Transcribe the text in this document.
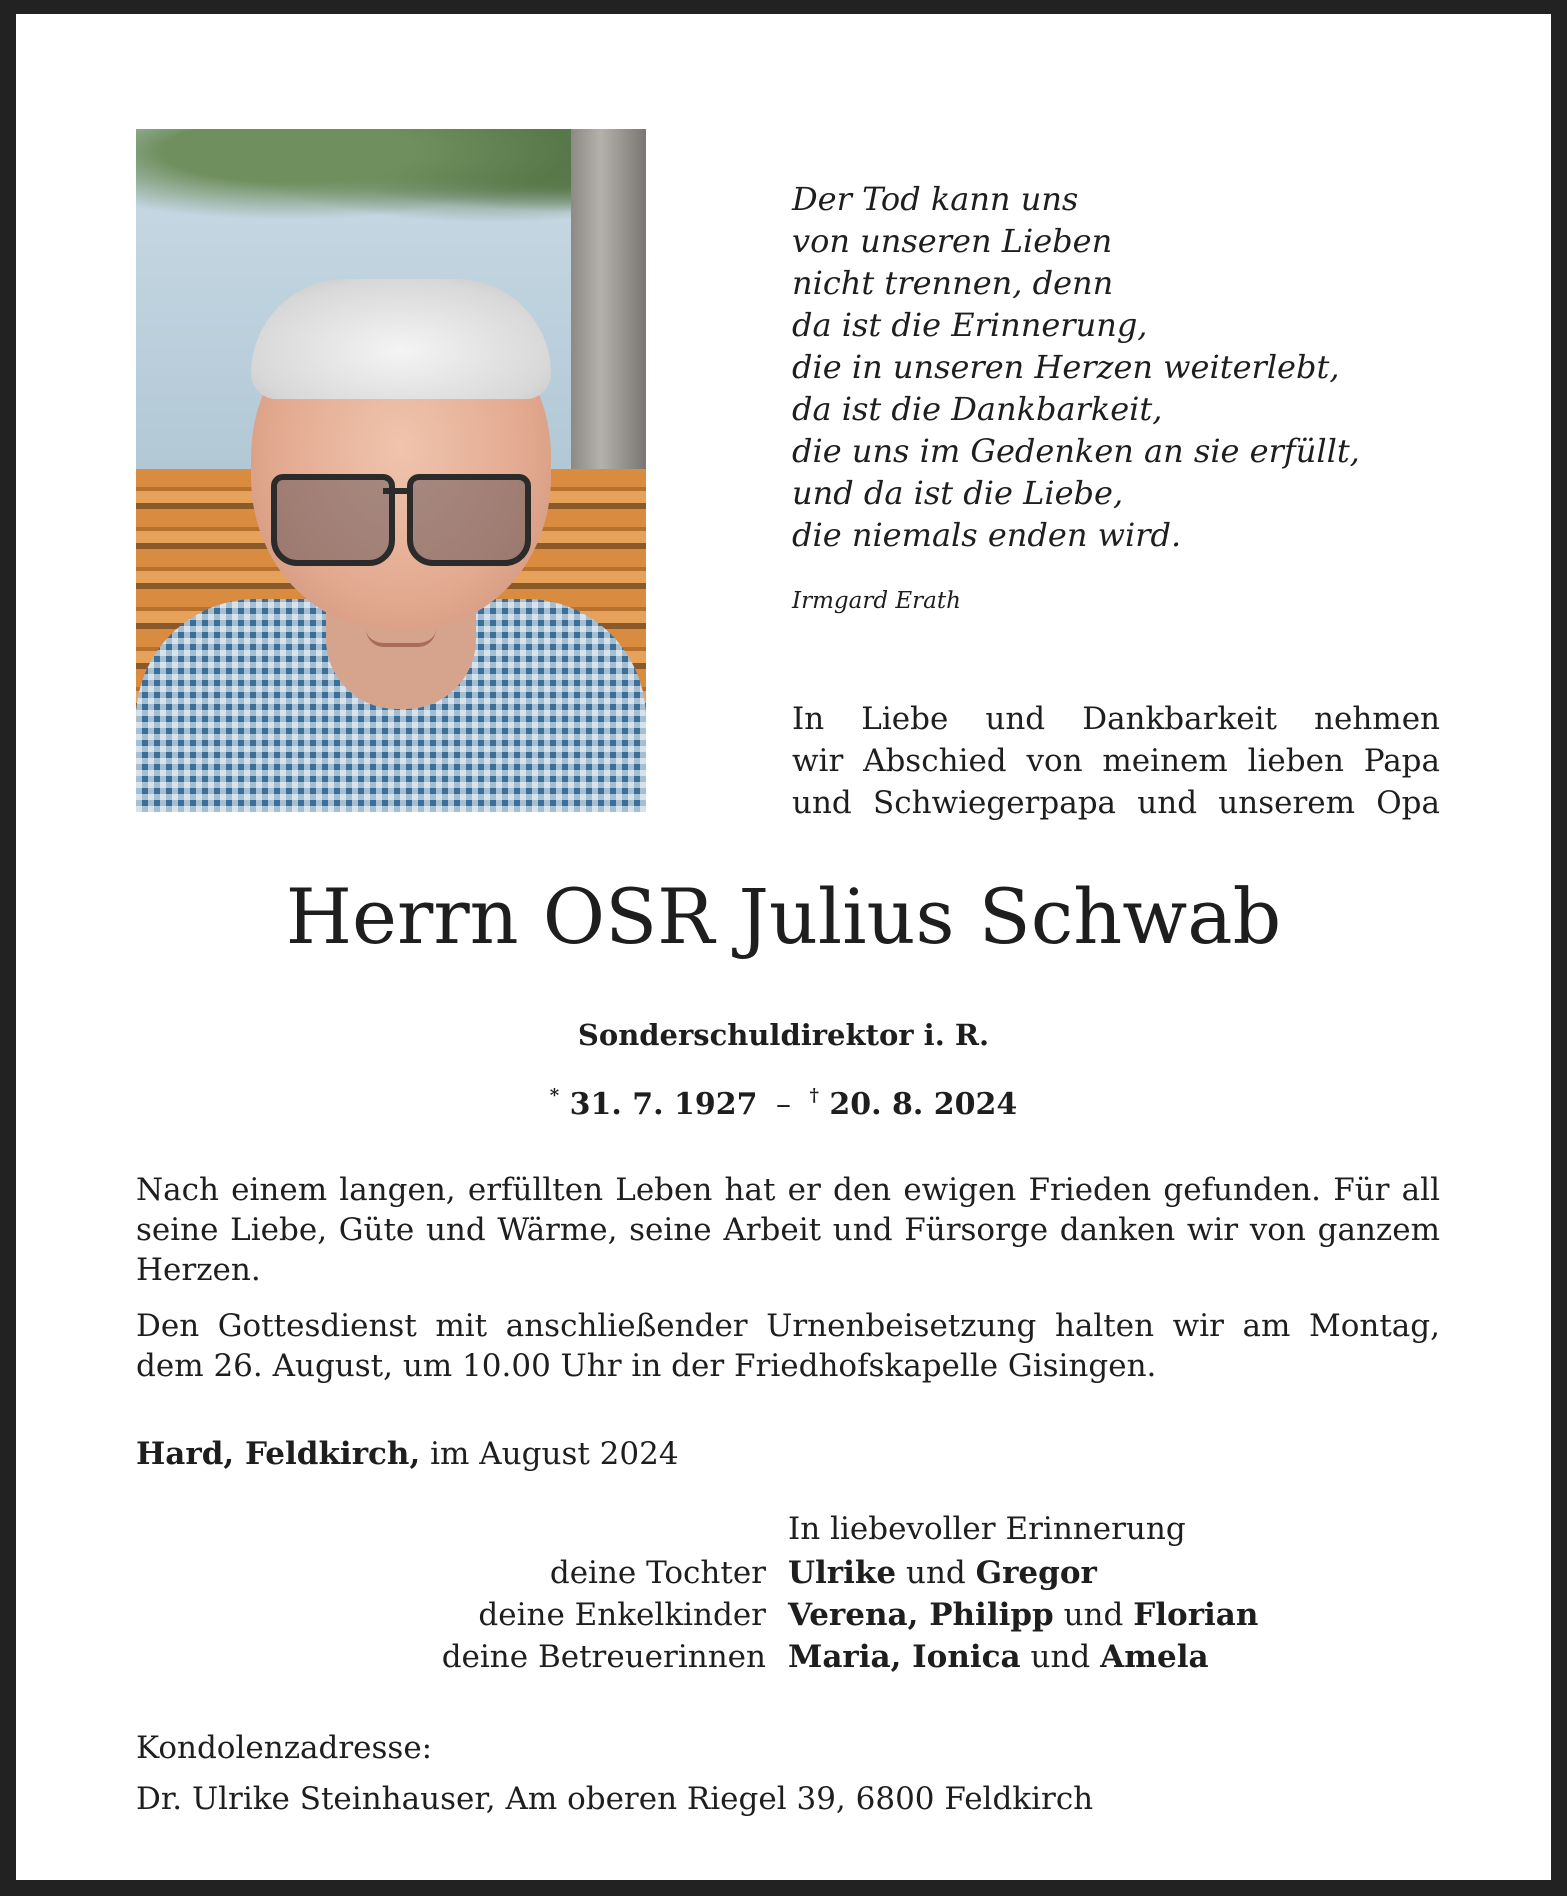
Der Tod kann uns
von unseren Lieben
nicht trennen, denn
da ist die Erinnerung,
die in unseren Herzen weiterlebt,
da ist die Dankbarkeit,
die uns im Gedenken an sie erfüllt,
und da ist die Liebe,
die niemals enden wird.
Irmgard Erath
In Liebe und Dankbarkeit nehmen
wir Abschied von meinem lieben Papa
und Schwiegerpapa und unserem Opa
Herrn OSR Julius Schwab
Sonderschuldirektor i. R.
* 31. 7. 1927 – † 20. 8. 2024
Nach einem langen, erfüllten Leben hat er den ewigen Frieden gefunden. Für all seine Liebe, Güte und Wärme, seine Arbeit und Fürsorge danken wir von ganzem Herzen.
Den Gottesdienst mit anschließender Urnenbeisetzung halten wir am Montag, dem 26. August, um 10.00 Uhr in der Friedhofskapelle Gisingen.
Hard, Feldkirch, im August 2024
In liebevoller Erinnerung
deine Tochter
deine Enkelkinder
deine Betreuerinnen
Ulrike und Gregor
Verena, Philipp und Florian
Maria, Ionica und Amela
Kondolenzadresse:
Dr. Ulrike Steinhauser, Am oberen Riegel 39, 6800 Feldkirch
